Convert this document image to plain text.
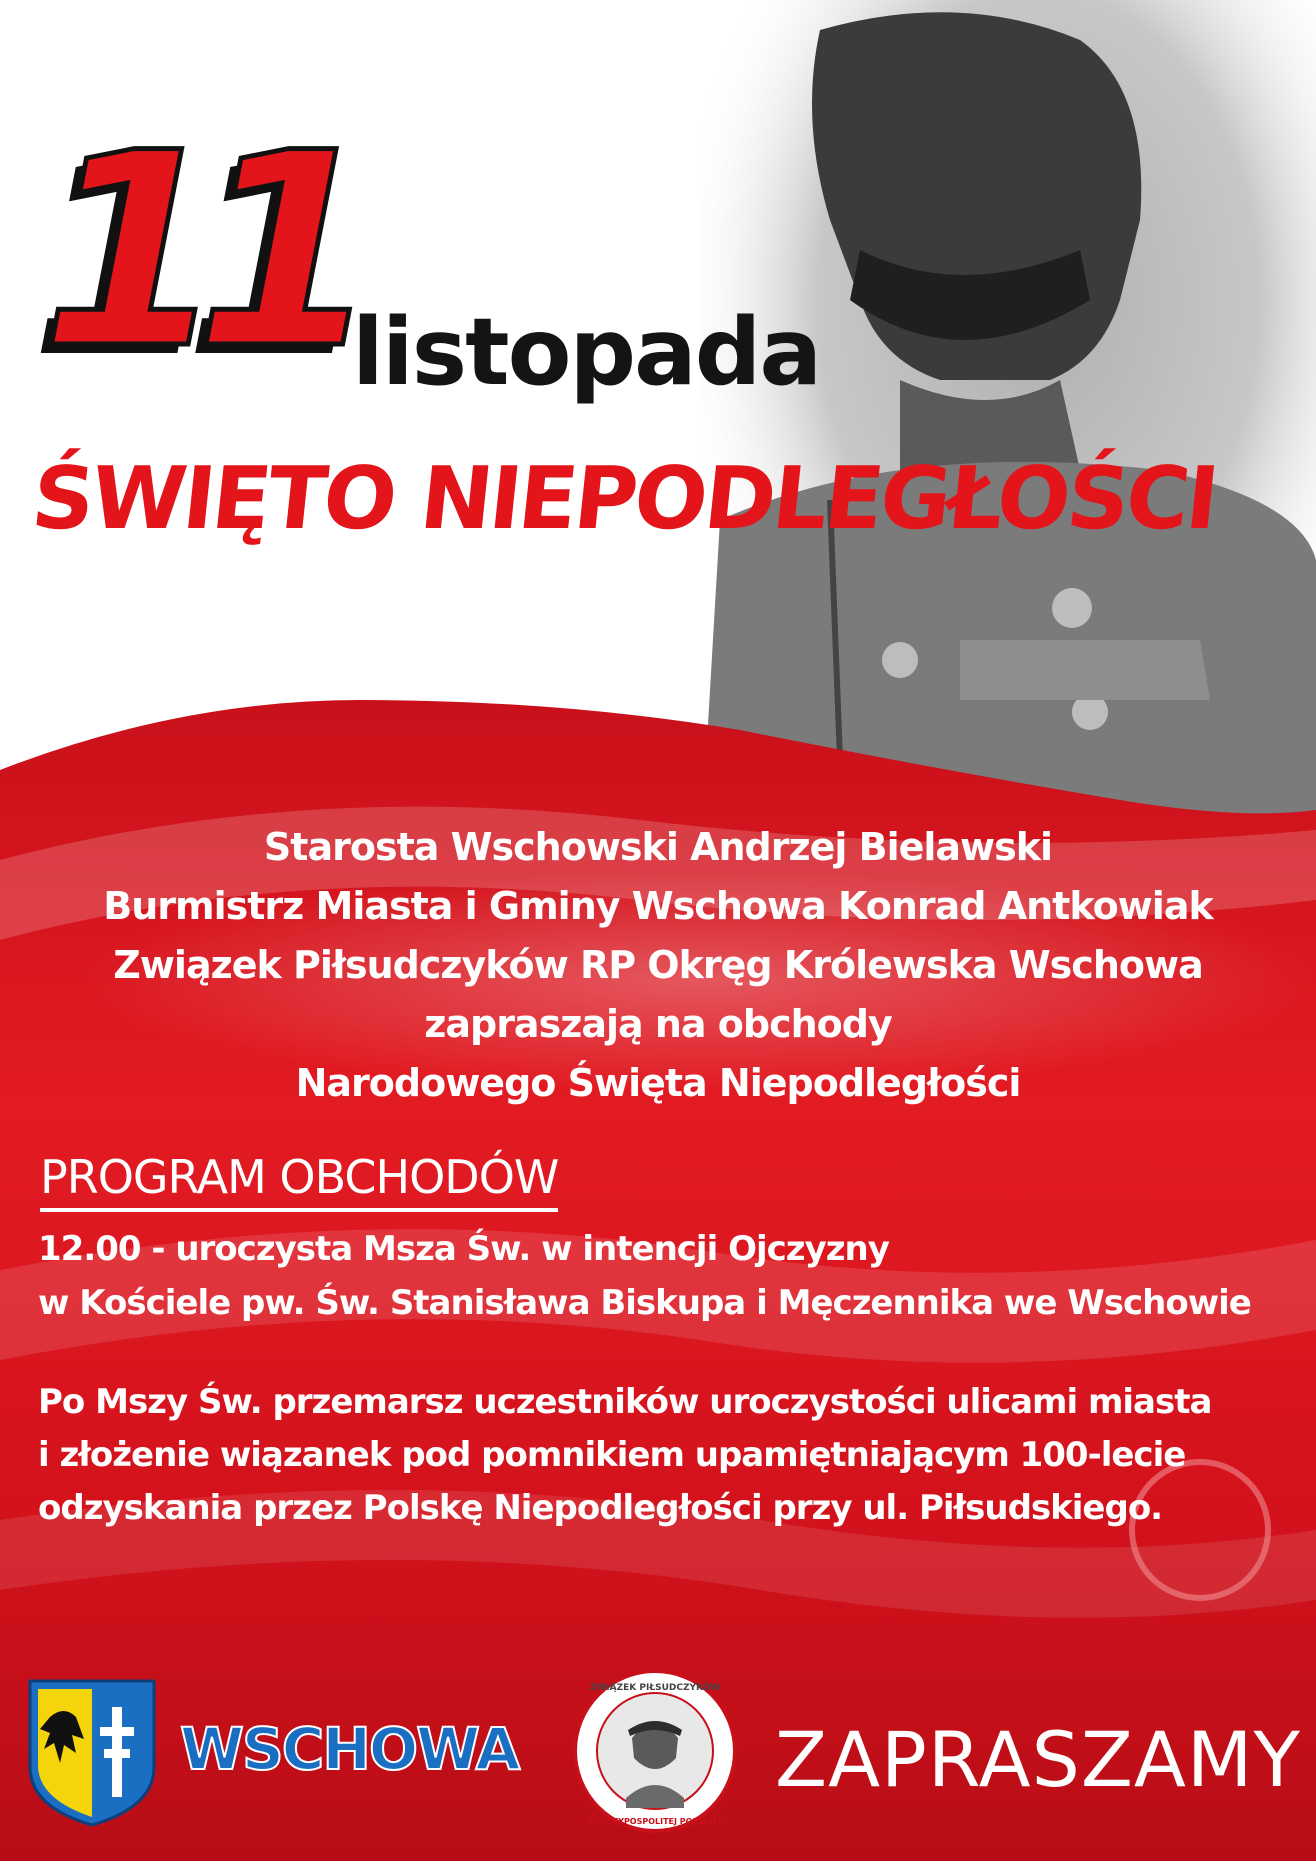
11
listopada
ŚWIĘTO NIEPODLEGŁOŚCI
Starosta Wschowski Andrzej Bielawski
Burmistrz Miasta i Gminy Wschowa Konrad Antkowiak
Związek Piłsudczyków RP Okręg Królewska Wschowa
zapraszają na obchody
Narodowego Święta Niepodległości
PROGRAM OBCHODÓW
12.00 - uroczysta Msza Św. w intencji Ojczyzny
w Kościele pw. Św. Stanisława Biskupa i Męczennika we Wschowie
Po Mszy Św. przemarsz uczestników uroczystości ulicami miasta
i złożenie wiązanek pod pomnikiem upamiętniającym 100-lecie
odzyskania przez Polskę Niepodległości przy ul. Piłsudskiego.
WSCHOWA
ZWIĄZEK PIŁSUDCZYKÓW
RZECZYPOSPOLITEJ POLSKIEJ
ZAPRASZAMY
